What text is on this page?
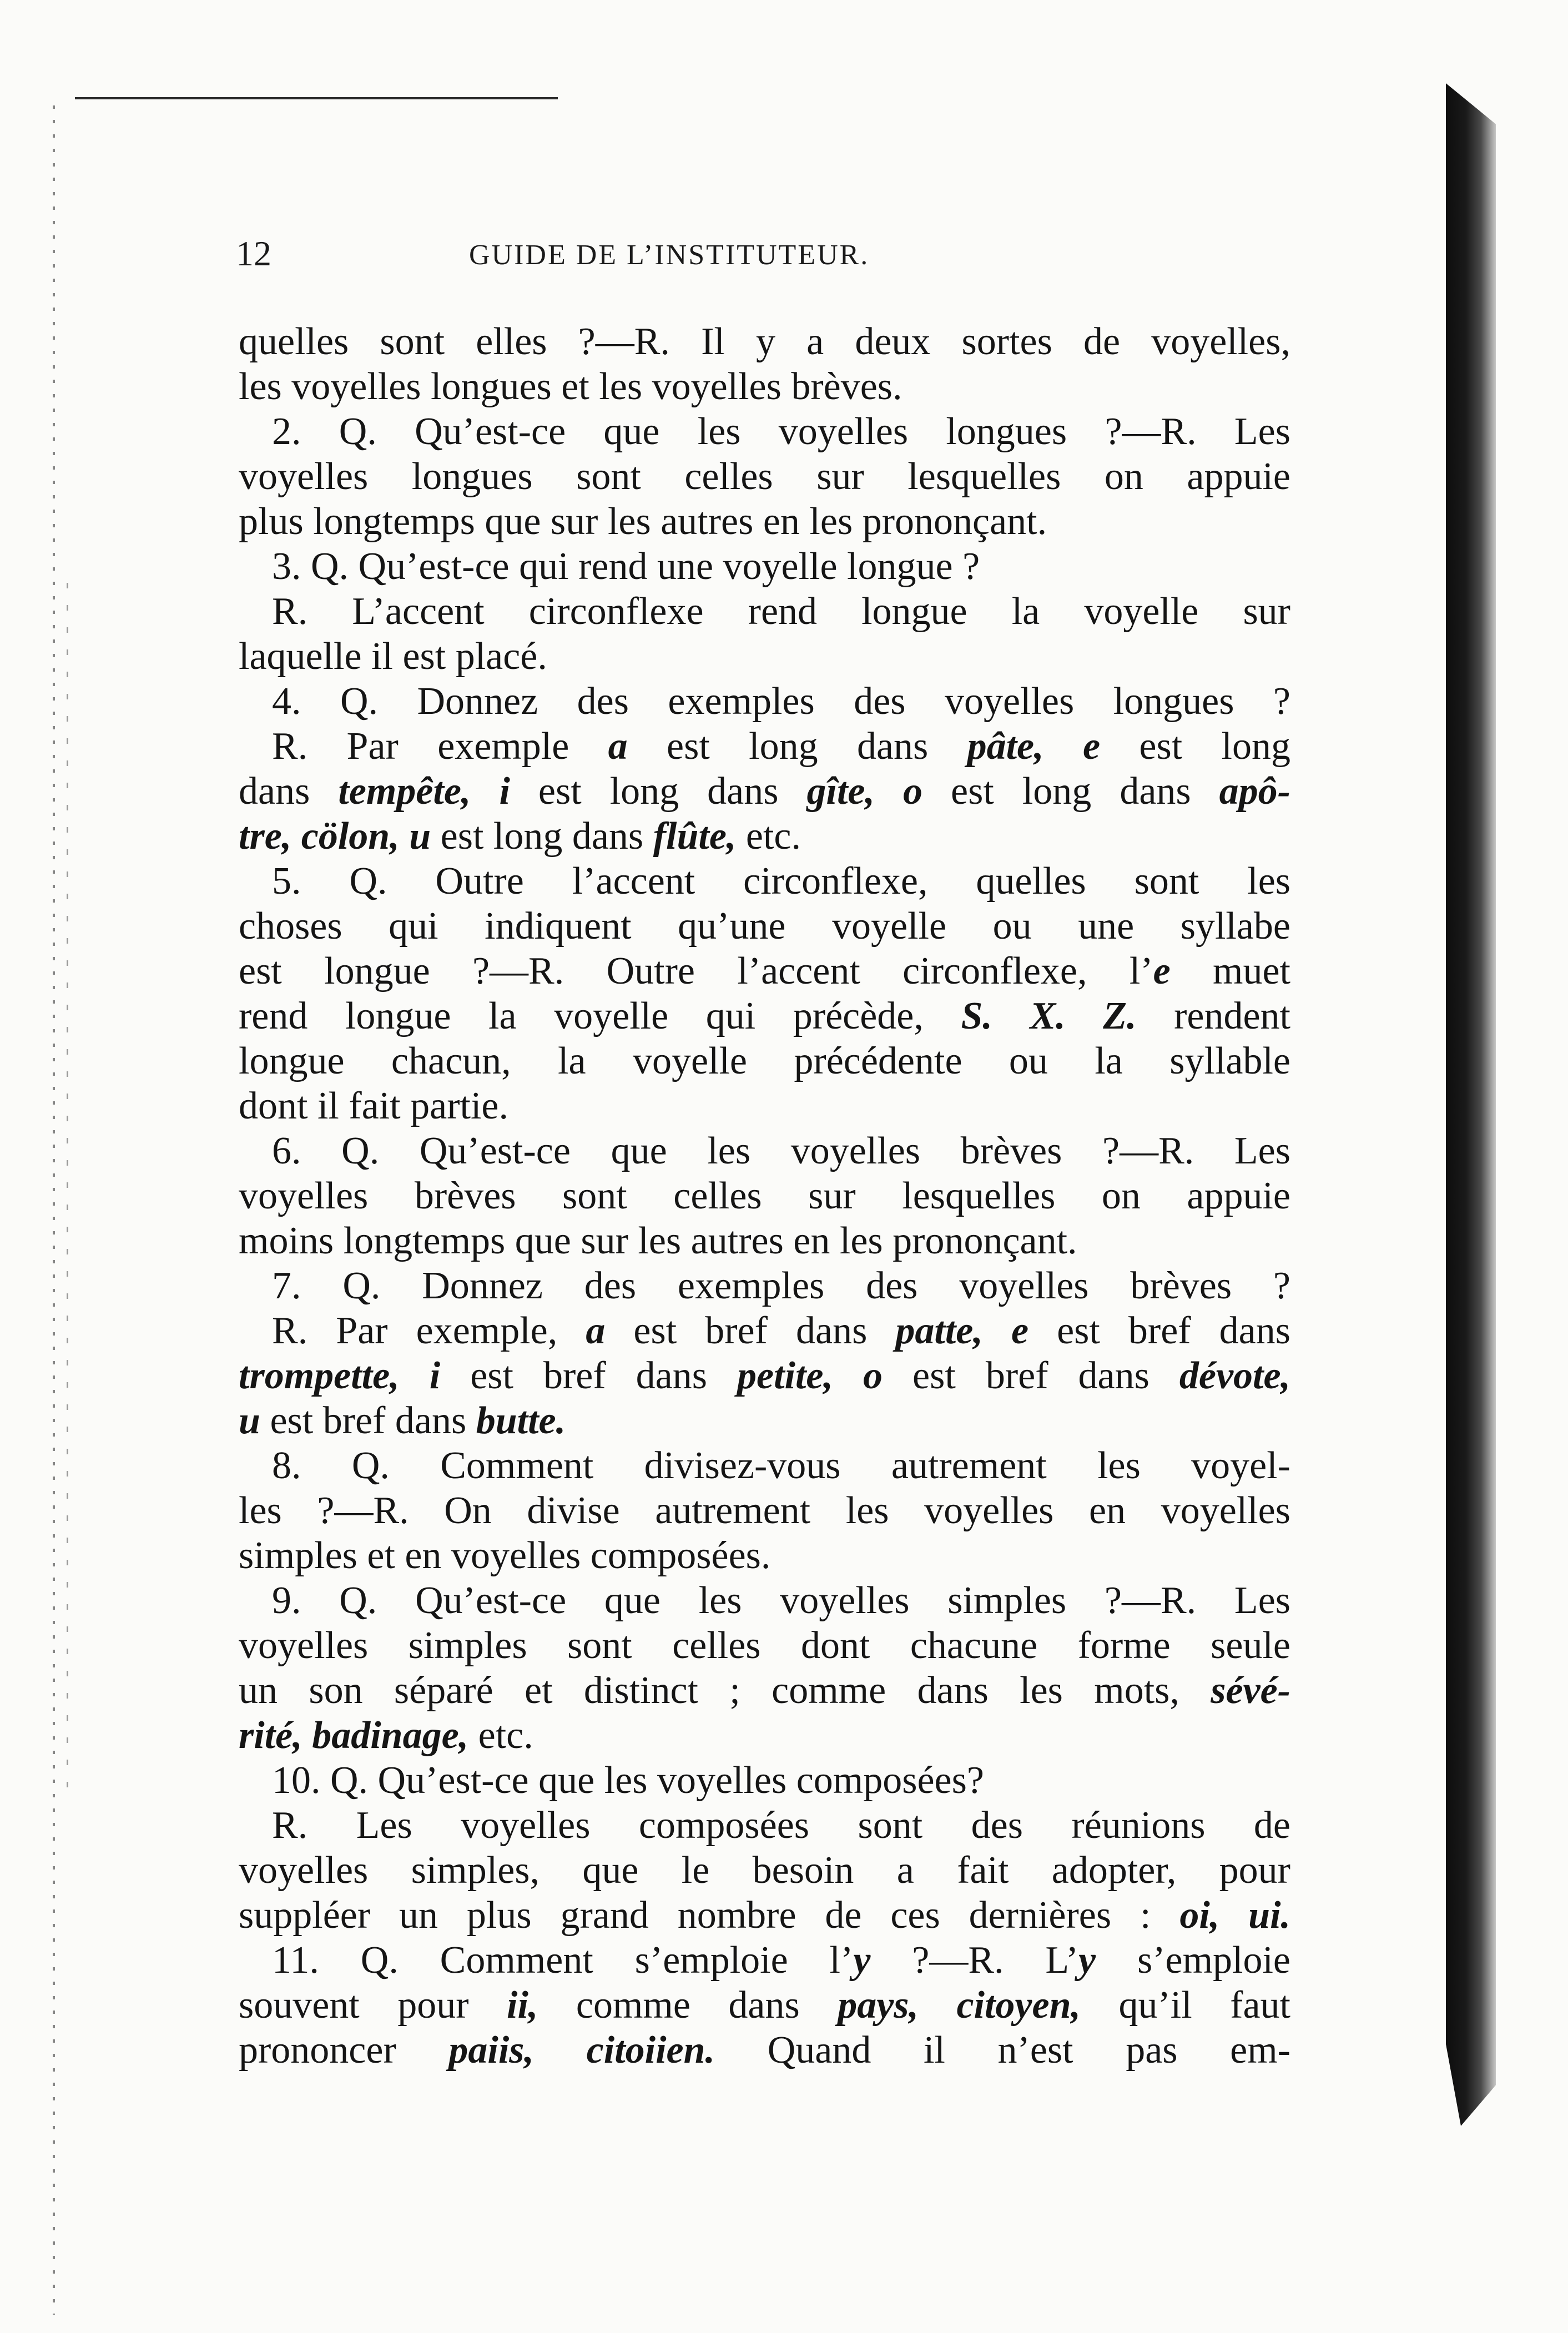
12	GUIDE DE L’INSTITUTEUR.
quelles sont elles ?—R. Il y a deux sortes de voyelles,
les voyelles longues et les voyelles brèves.
2. Q. Qu’est-ce que les voyelles longues ?—R. Les
voyelles longues sont celles sur lesquelles on appuie
plus longtemps que sur les autres en les prononçant.
3. Q. Qu’est-ce qui rend une voyelle longue ?
R. L’accent circonflexe rend longue la voyelle sur
laquelle il est placé.
4. Q. Donnez des exemples des voyelles longues ?
R. Par exemple a est long dans pâte, e est long
dans tempête, i est long dans gîte, o est long dans apô-
tre, cölon, u est long dans flûte, etc.
5. Q. Outre l’accent circonflexe, quelles sont les
choses qui indiquent qu’une voyelle ou une syllabe
est longue ?—R. Outre l’accent circonflexe, l’e muet
rend longue la voyelle qui précède, S. X. Z. rendent
longue chacun, la voyelle précédente ou la syllable
dont il fait partie.
6. Q. Qu’est-ce que les voyelles brèves ?—R. Les
voyelles brèves sont celles sur lesquelles on appuie
moins longtemps que sur les autres en les prononçant.
7. Q. Donnez des exemples des voyelles brèves ?
R. Par exemple, a est bref dans patte, e est bref dans
trompette, i est bref dans petite, o est bref dans dévote,
u est bref dans butte.
8. Q. Comment divisez-vous autrement les voyel-
les ?—R. On divise autrement les voyelles en voyelles
simples et en voyelles composées.
9. Q. Qu’est-ce que les voyelles simples ?—R. Les
voyelles simples sont celles dont chacune forme seule
un son séparé et distinct ; comme dans les mots, sévé-
rité, badinage, etc.
10. Q. Qu’est-ce que les voyelles composées?
R. Les voyelles composées sont des réunions de
voyelles simples, que le besoin a fait adopter, pour
suppléer un plus grand nombre de ces dernières : oi, ui.
11. Q. Comment s’emploie l’y ?—R. L’y s’emploie
souvent pour ii, comme dans pays, citoyen, qu’il faut
prononcer paiis, citoiien. Quand il n’est pas em-
